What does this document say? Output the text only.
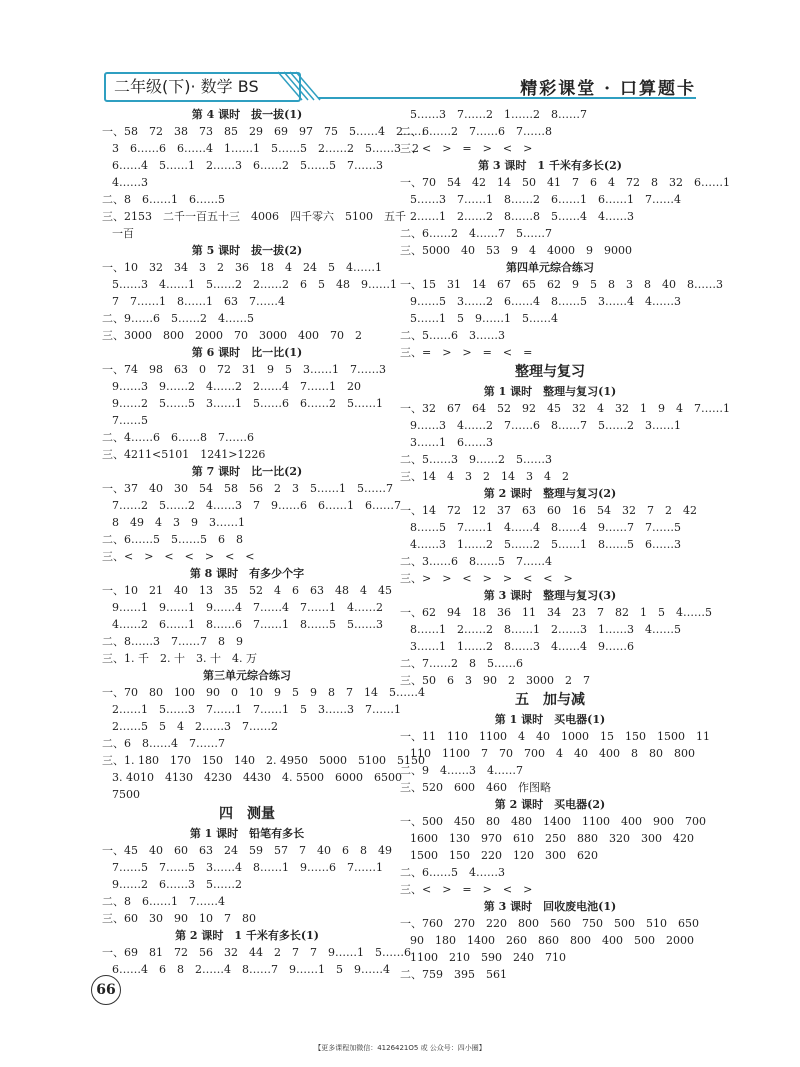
二年级(下)· 数学 BS	精彩课堂 · 口算题卡
第 4 课时　拔一拔(1)
一、58　72　38　73　85　29　69　97　75　5……4　2……
3　6……6　6……4　1……1　5……5　2……2　5……3　2
6……4　5……1　2……3　6……2　5……5　7……3
4……3
二、8　6……1　6……5
三、2153　二千一百五十三　4006　四千零六　5100　五千
一百
第 5 课时　拔一拔(2)
一、10　32　34　3　2　36　18　4　24　5　4……1
5……3　4……1　5……2　2……2　6　5　48　9……1
7　7……1　8……1　63　7……4
二、9……6　5……2　4……5
三、3000　800　2000　70　3000　400　70　2
第 6 课时　比一比(1)
一、74　98　63　0　72　31　9　5　3……1　7……3
9……3　9……2　4……2　2……4　7……1　20
9……2　5……5　3……1　5……6　6……2　5……1
7……5
二、4……6　6……8　7……6
三、4211<5101　1241>1226
第 7 课时　比一比(2)
一、37　40　30　54　58　56　2　3　5……1　5……7
7……2　5……2　4……3　7　9……6　6……1　6……7
8　49　4　3　9　3……1
二、6……5　5……5　6　8
三、<　>　<　<　>　<　<
第 8 课时　有多少个字
一、10　21　40　13　35　52　4　6　63　48　4　45
9……1　9……1　9……4　7……4　7……1　4……2
4……2　6……1　8……6　7……1　8……5　5……3
二、8……3　7……7　8　9
三、1. 千　2. 十　3. 十　4. 万
第三单元综合练习
一、70　80　100　90　0　10　9　5　9　8　7　14　5……4
2……1　5……3　7……1　7……1　5　3……3　7……1
2……5　5　4　2……3　7……2
二、6　8……4　7……7
三、1. 180　170　150　140　2. 4950　5000　5100　5150
3. 4010　4130　4230　4430　4. 5500　6000　6500
7500
四　测量
第 1 课时　铅笔有多长
一、45　40　60　63　24　59　57　7　40　6　8　49
7……5　7……5　3……4　8……1　9……6　7……1
9……2　6……3　5……2
二、8　6……1　7……4
三、60　30　90　10　7　80
第 2 课时　1 千米有多长(1)
一、69　81　72　56　32　44　2　7　7　9……1　5……6
6……4　6　8　2……4　8……7　9……1　5　9……4
5……3　7……2　1……2　8……7
二、6……2　7……6　7……8
三、<　>　=　>　<　>
第 3 课时　1 千米有多长(2)
一、70　54　42　14　50　41　7　6　4　72　8　32　6……1
5……3　7……1　8……2　6……1　6……1　7……4
2……1　2……2　8……8　5……4　4……3
二、6……2　4……7　5……7
三、5000　40　53　9　4　4000　9　9000
第四单元综合练习
一、15　31　14　67　65　62　9　5　8　3　8　40　8……3
9……5　3……2　6……4　8……5　3……4　4……3
5……1　5　9……1　5……4
二、5……6　3……3
三、=　>　>　=　<　=
整理与复习
第 1 课时　整理与复习(1)
一、32　67　64　52　92　45　32　4　32　1　9　4　7……1
9……3　4……2　7……6　8……7　5……2　3……1
3……1　6……3
二、5……3　9……2　5……3
三、14　4　3　2　14　3　4　2
第 2 课时　整理与复习(2)
一、14　72　12　37　63　60　16　54　32　7　2　42
8……5　7……1　4……4　8……4　9……7　7……5
4……3　1……2　5……2　5……1　8……5　6……3
二、3……6　8……5　7……4
三、>　>　<　>　>　<　<　>
第 3 课时　整理与复习(3)
一、62　94　18　36　11　34　23　7　82　1　5　4……5
8……1　2……2　8……1　2……3　1……3　4……5
3……1　1……2　8……3　4……4　9……6
二、7……2　8　5……6
三、50　6　3　90　2　3000　2　7
五　加与减
第 1 课时　买电器(1)
一、11　110　1100　4　40　1000　15　150　1500　11
110　1100　7　70　700　4　40　400　8　80　800
二、9　4……3　4……7
三、520　600　460　作图略
第 2 课时　买电器(2)
一、500　450　80　480　1400　1100　400　900　700
1600　130　970　610　250　880　320　300　420
1500　150　220　120　300　620
二、6……5　4……3
三、<　>　=　>　<　>
第 3 课时　回收废电池(1)
一、760　270　220　800　560　750　500　510　650
90　180　1400　260　860　800　400　500　2000
1100　210　590　240　710
二、759　395　561
66
【更多课程加微信：4126421O5 或 公众号：四小圈】
